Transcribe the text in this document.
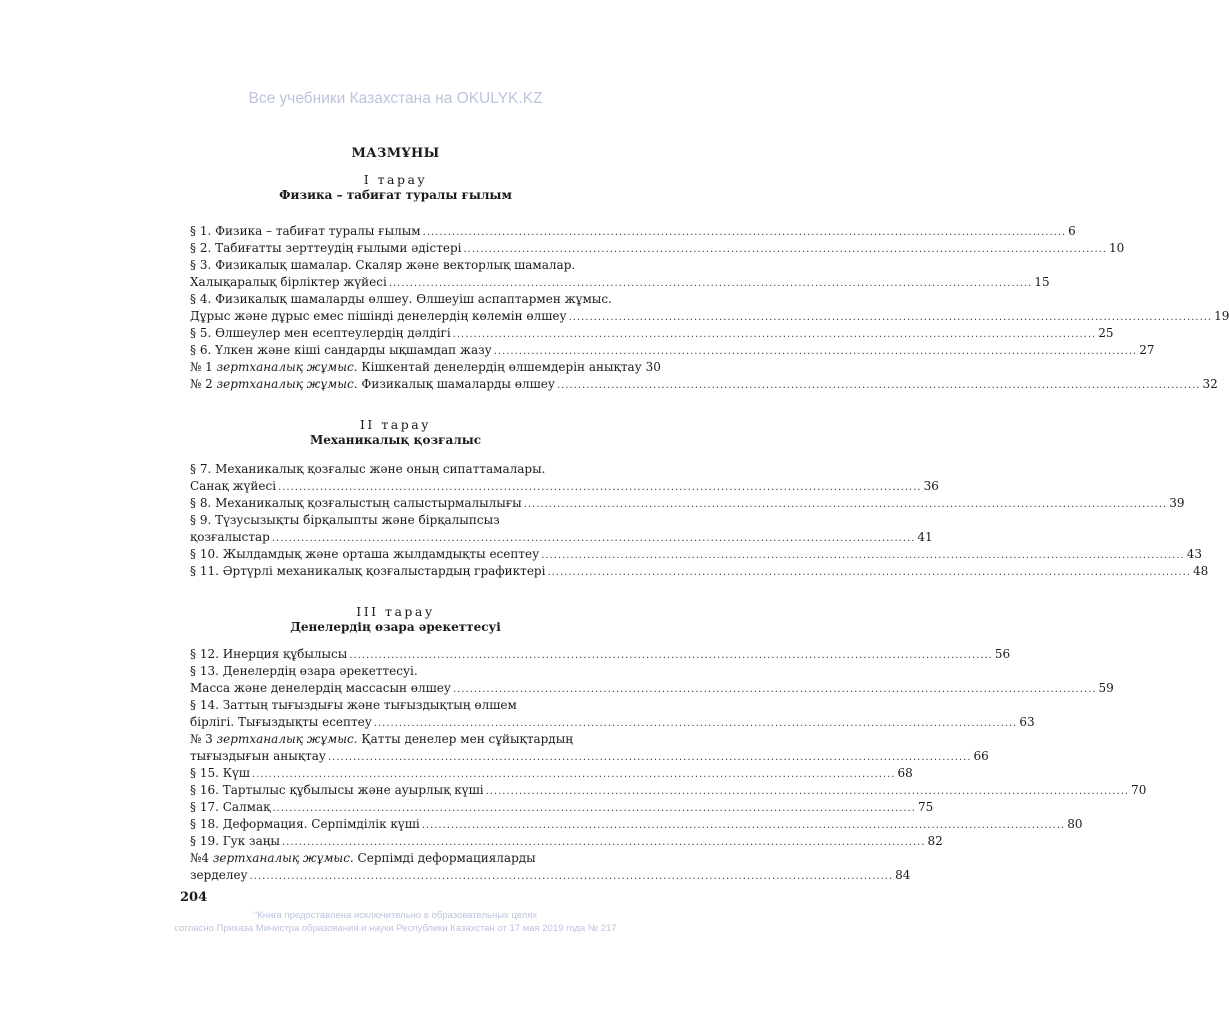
Все учебники Казахстана на OKULYK.KZ
МАЗМҰНЫ
І тарау
Физика – табиғат туралы ғылым
§ 1. Физика – табиғат туралы ғылым .......................................................................................................................................................... 6
§ 2. Табиғатты зерттеудің ғылыми әдістері .......................................................................................................................................................... 10
§ 3. Физикалық шамалар. Скаляр және векторлық шамалар.
Халықаралық бірліктер жүйесі .......................................................................................................................................................... 15
§ 4. Физикалық шамаларды өлшеу. Өлшеуіш аспаптармен жұмыс.
Дұрыс және дұрыс емес пішінді денелердің көлемін өлшеу .......................................................................................................................................................... 19
§ 5. Өлшеулер мен есептеулердің дәлдігі .......................................................................................................................................................... 25
§ 6. Үлкен және кіші сандарды ықшамдап жазу .......................................................................................................................................................... 27
№ 1 зертханалық жұмыс. Кішкентай денелердің өлшемдерін анықтау 30
№ 2 зертханалық жұмыс. Физикалық шамаларды өлшеу .......................................................................................................................................................... 32
ІІ тарау
Механикалық қозғалыс
§ 7. Механикалық қозғалыс және оның сипаттамалары.
Санақ жүйесі .......................................................................................................................................................... 36
§ 8. Механикалық қозғалыстың салыстырмалылығы .......................................................................................................................................................... 39
§ 9. Түзусызықты бірқалыпты және бірқалыпсыз
қозғалыстар .......................................................................................................................................................... 41
§ 10. Жылдамдық және орташа жылдамдықты есептеу .......................................................................................................................................................... 43
§ 11. Әртүрлі механикалық қозғалыстардың графиктері .......................................................................................................................................................... 48
ІІІ тарау
Денелердің өзара әрекеттесуі
§ 12. Инерция құбылысы .......................................................................................................................................................... 56
§ 13. Денелердің өзара әрекеттесуі.
Масса және денелердің массасын өлшеу .......................................................................................................................................................... 59
§ 14. Заттың тығыздығы және тығыздықтың өлшем
бірлігі. Тығыздықты есептеу .......................................................................................................................................................... 63
№ 3 зертханалық жұмыс. Қатты денелер мен сұйықтардың
тығыздығын анықтау .......................................................................................................................................................... 66
§ 15. Күш .......................................................................................................................................................... 68
§ 16. Тартылыс құбылысы және ауырлық күші .......................................................................................................................................................... 70
§ 17. Салмақ .......................................................................................................................................................... 75
§ 18. Деформация. Серпімділік күші .......................................................................................................................................................... 80
§ 19. Гук заңы .......................................................................................................................................................... 82
№4 зертханалық жұмыс. Серпімді деформацияларды
зерделеу .......................................................................................................................................................... 84
204
"Книга предоставлена исключительно в образовательных целях
согласно Приказа Министра образования и науки Республики Казахстан от 17 мая 2019 года № 217
